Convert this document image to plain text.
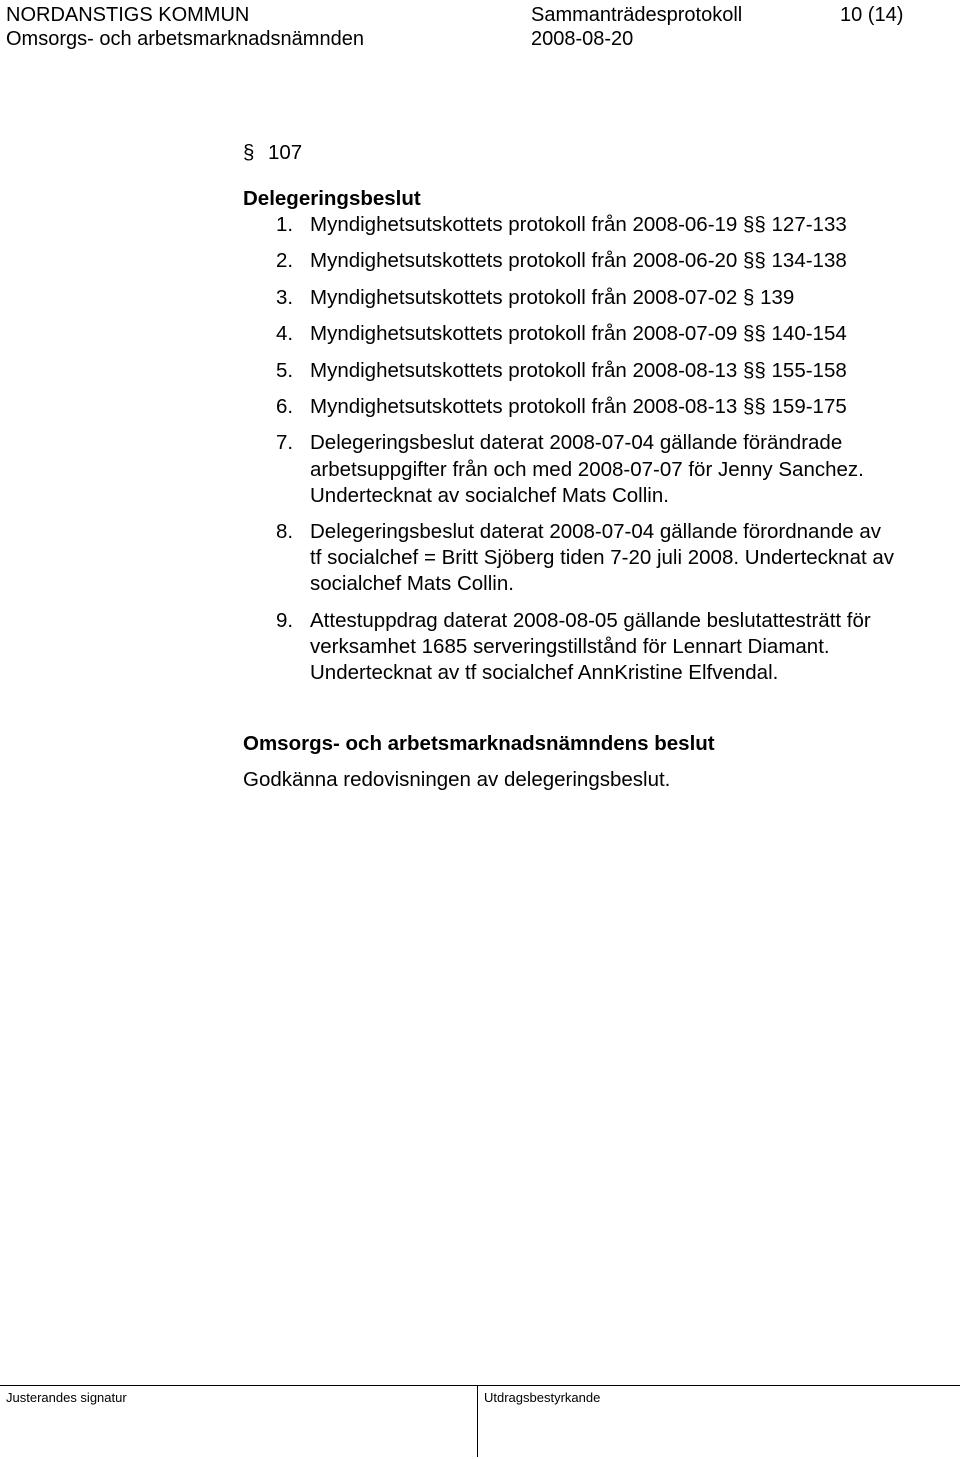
NORDANSTIGS KOMMUN	Sammanträdesprotokoll	10 (14)
Omsorgs- och arbetsmarknadsnämnden	2008-08-20
§ 107
Delegeringsbeslut
1. Myndighetsutskottets protokoll från 2008-06-19 §§ 127-133
2. Myndighetsutskottets protokoll från 2008-06-20 §§ 134-138
3. Myndighetsutskottets protokoll från 2008-07-02 § 139
4. Myndighetsutskottets protokoll från 2008-07-09 §§ 140-154
5. Myndighetsutskottets protokoll från 2008-08-13 §§ 155-158
6. Myndighetsutskottets protokoll från 2008-08-13 §§ 159-175
7. Delegeringsbeslut daterat 2008-07-04 gällande förändrade
arbetsuppgifter från och med 2008-07-07 för Jenny Sanchez.
Undertecknat av socialchef Mats Collin.
8. Delegeringsbeslut daterat 2008-07-04 gällande förordnande av
tf socialchef = Britt Sjöberg tiden 7-20 juli 2008. Undertecknat av
socialchef Mats Collin.
9. Attestuppdrag daterat 2008-08-05 gällande beslutattesträtt för
verksamhet 1685 serveringstillstånd för Lennart Diamant.
Undertecknat av tf socialchef AnnKristine Elfvendal.
Omsorgs- och arbetsmarknadsnämndens beslut
Godkänna redovisningen av delegeringsbeslut.
Justerandes signatur	Utdragsbestyrkande
